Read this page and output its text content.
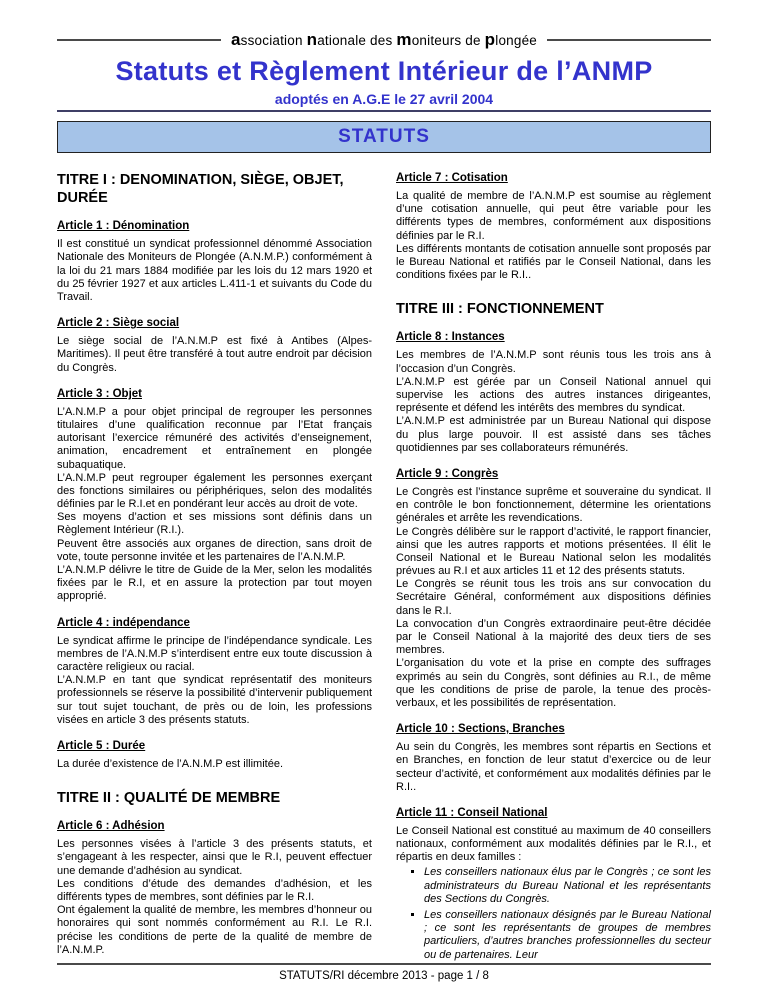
association nationale des moniteurs de plongée
Statuts et Règlement Intérieur de l’ANMP
adoptés en A.G.E le 27 avril 2004
STATUTS
TITRE I : DENOMINATION, SIÈGE, OBJET, DURÉE
Article 1 : Dénomination
Il est constitué un syndicat professionnel dénommé Association Nationale des Moniteurs de Plongée (A.N.M.P.) conformément à la loi du 21 mars 1884 modifiée par les lois du 12 mars 1920 et du 25 février 1927 et aux articles L.411-1 et suivants du Code du Travail.
Article 2 : Siège social
Le siège social de l’A.N.M.P est fixé à Antibes (Alpes-Maritimes). Il peut être transféré à tout autre endroit par décision du Congrès.
Article 3 : Objet
L’A.N.M.P a pour objet principal de regrouper les personnes titulaires d’une qualification reconnue par l’Etat français autorisant l’exercice rémunéré des activités d’enseignement, animation, encadrement et entraînement en plongée subaquatique.
L’A.N.M.P peut regrouper également les personnes exerçant des fonctions similaires ou périphériques, selon des modalités définies par le R.I.et en pondérant leur accès au droit de vote.
Ses moyens d’action et ses missions sont définis dans un Règlement Intérieur (R.I.).
Peuvent être associés aux organes de direction, sans droit de vote, toute personne invitée et les partenaires de l’A.N.M.P.
L’A.N.M.P délivre le titre de Guide de la Mer, selon les modalités fixées par le R.I, et en assure la protection par tout moyen approprié.
Article 4 : indépendance
Le syndicat affirme le principe de l’indépendance syndicale. Les membres de l’A.N.M.P s’interdisent entre eux toute discussion à caractère religieux ou racial.
L’A.N.M.P en tant que syndicat représentatif des moniteurs professionnels se réserve la possibilité d’intervenir publiquement sur tout sujet touchant, de près ou de loin, les professions visées en article 3 des présents statuts.
Article 5 : Durée
La durée d’existence de l’A.N.M.P est illimitée.
TITRE II : QUALITÉ DE MEMBRE
Article 6 : Adhésion
Les personnes visées à l’article 3 des présents statuts, et s’engageant à les respecter, ainsi que le R.I, peuvent effectuer une demande d’adhésion au syndicat.
Les conditions d’étude des demandes d’adhésion, et les différents types de membres, sont définies par le R.I.
Ont également la qualité de membre, les membres d’honneur ou honoraires qui sont nommés conformément au R.I. Le R.I. précise les conditions de perte de la qualité de membre de l’A.N.M.P.
Article 7 : Cotisation
La qualité de membre de l’A.N.M.P est soumise au règlement d’une cotisation annuelle, qui peut être variable pour les différents types de membres, conformément aux dispositions définies par le R.I.
Les différents montants de cotisation annuelle sont proposés par le Bureau National et ratifiés par le Conseil National, dans les conditions fixées par le R.I..
TITRE III : FONCTIONNEMENT
Article 8 : Instances
Les membres de l’A.N.M.P sont réunis tous les trois ans à l’occasion d’un Congrès.
L’A.N.M.P est gérée par un Conseil National annuel qui supervise les actions des autres instances dirigeantes, représente et défend les intérêts des membres du syndicat.
L’A.N.M.P est administrée par un Bureau National qui dispose du plus large pouvoir. Il est assisté dans ses tâches quotidiennes par ses collaborateurs rémunérés.
Article 9 : Congrès
Le Congrès est l’instance suprême et souveraine du syndicat. Il en contrôle le bon fonctionnement, détermine les orientations générales et arrête les revendications.
Le Congrès délibère sur le rapport d’activité, le rapport financier, ainsi que les autres rapports et motions présentées. Il élit le Conseil National et le Bureau National selon les modalités prévues au R.I et aux articles 11 et 12 des présents statuts.
Le Congrès se réunit tous les trois ans sur convocation du Secrétaire Général, conformément aux dispositions définies dans le R.I.
La convocation d’un Congrès extraordinaire peut-être décidée par le Conseil National à la majorité des deux tiers de ses membres.
L’organisation du vote et la prise en compte des suffrages exprimés au sein du Congrès, sont définies au R.I., de même que les conditions de prise de parole, la tenue des procès-verbaux, et les possibilités de représentation.
Article 10 : Sections, Branches
Au sein du Congrès, les membres sont répartis en Sections et en Branches, en fonction de leur statut d’exercice ou de leur secteur d’activité, et conformément aux modalités définies par le R.I..
Article 11 : Conseil National
Le Conseil National est constitué au maximum de 40 conseillers nationaux, conformément aux modalités définies par le R.I., et répartis en deux familles :
▪ Les conseillers nationaux élus par le Congrès ; ce sont les administrateurs du Bureau National et les représentants des Sections du Congrès.
▪ Les conseillers nationaux désignés par le Bureau National ; ce sont les représentants de groupes de membres particuliers, d’autres branches professionnelles du secteur ou de partenaires. Leur
STATUTS/RI décembre 2013 - page 1 / 8
